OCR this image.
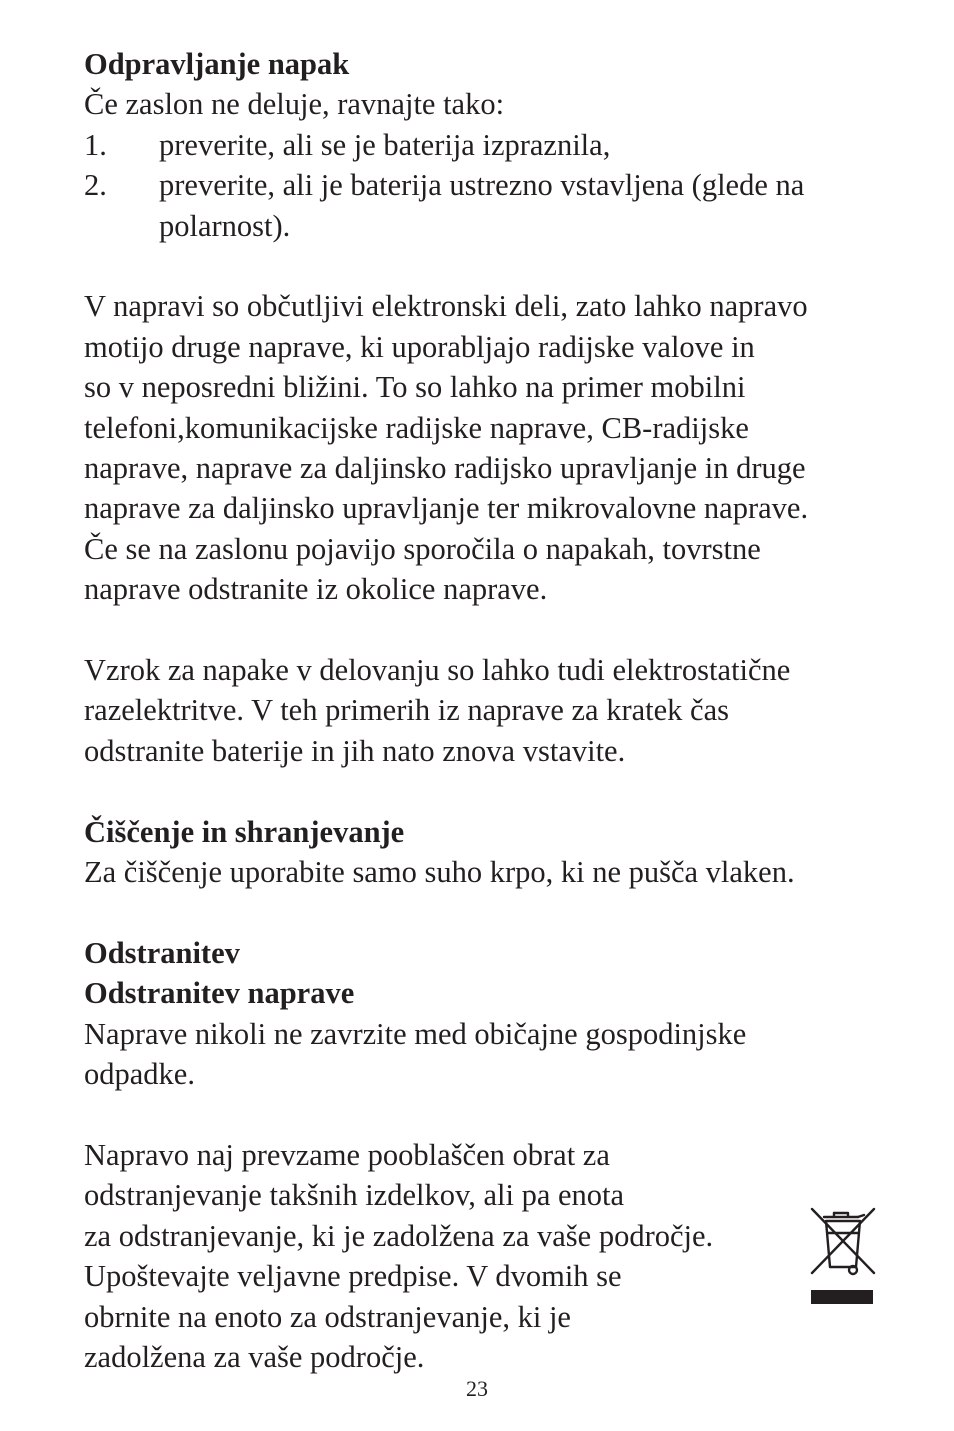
Odpravljanje napak

Če zaslon ne deluje, ravnajte tako:

1.	preverite, ali se je baterija izpraznila,
2.	preverite, ali je baterija ustrezno vstavljena (glede na polarnost).

V napravi so občutljivi elektronski deli, zato lahko napravo
motijo druge naprave, ki uporabljajo radijske valove in
so v neposredni bližini. To so lahko na primer mobilni
telefoni,komunikacijske radijske naprave, CB-radijske
naprave, naprave za daljinsko radijsko upravljanje in druge
naprave za daljinsko upravljanje ter mikrovalovne naprave.
Če se na zaslonu pojavijo sporočila o napakah, tovrstne
naprave odstranite iz okolice naprave.

Vzrok za napake v delovanju so lahko tudi elektrostatične
razelektritve. V teh primerih iz naprave za kratek čas
odstranite baterije in jih nato znova vstavite.

Čiščenje in shranjevanje

Za čiščenje uporabite samo suho krpo, ki ne pušča vlaken.

Odstranitev
Odstranitev naprave

Naprave nikoli ne zavrzite med običajne gospodinjske
odpadke.

Napravo naj prevzame pooblaščen obrat za
odstranjevanje takšnih izdelkov, ali pa enota
za odstranjevanje, ki je zadolžena za vaše področje.
Upoštevajte veljavne predpise. V dvomih se
obrnite na enoto za odstranjevanje, ki je
zadolžena za vaše področje.

23
